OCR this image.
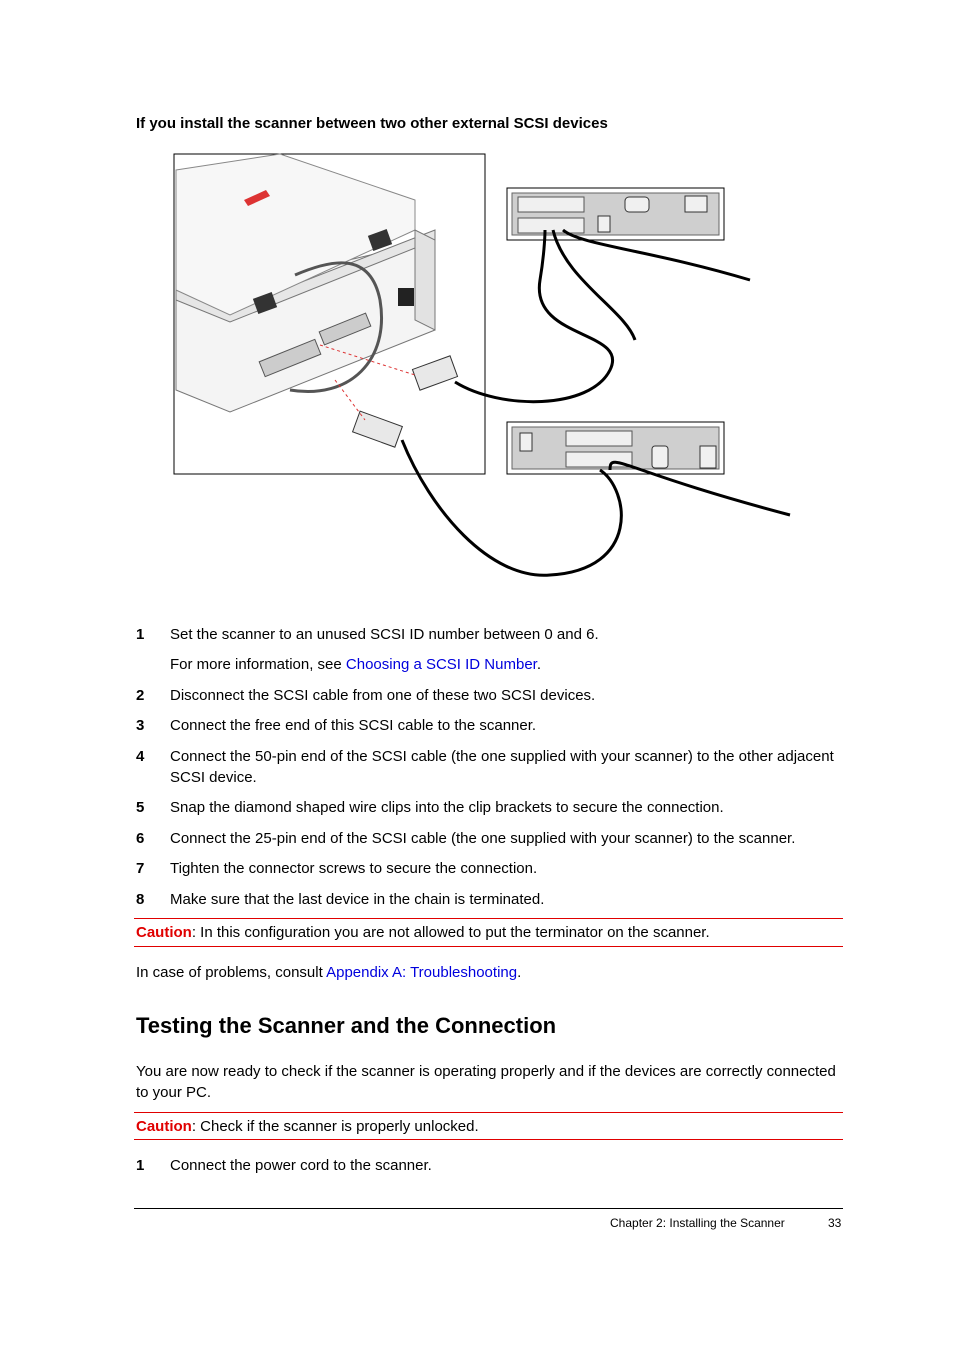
If you install the scanner between two other external SCSI devices
1 Set the scanner to an unused SCSI ID number between 0 and 6.
For more information, see Choosing a SCSI ID Number.
2 Disconnect the SCSI cable from one of these two SCSI devices.
3 Connect the free end of this SCSI cable to the scanner.
4 Connect the 50-pin end of the SCSI cable (the one supplied with your scanner) to the other adjacent SCSI device.
5 Snap the diamond shaped wire clips into the clip brackets to secure the connection.
6 Connect the 25-pin end of the SCSI cable (the one supplied with your scanner) to the scanner.
7 Tighten the connector screws to secure the connection.
8 Make sure that the last device in the chain is terminated.
Caution: In this configuration you are not allowed to put the terminator on the scanner.
In case of problems, consult Appendix A: Troubleshooting.
Testing the Scanner and the Connection
You are now ready to check if the scanner is operating properly and if the devices are correctly connected to your PC.
Caution: Check if the scanner is properly unlocked.
1 Connect the power cord to the scanner.
Chapter 2: Installing the Scanner	33
